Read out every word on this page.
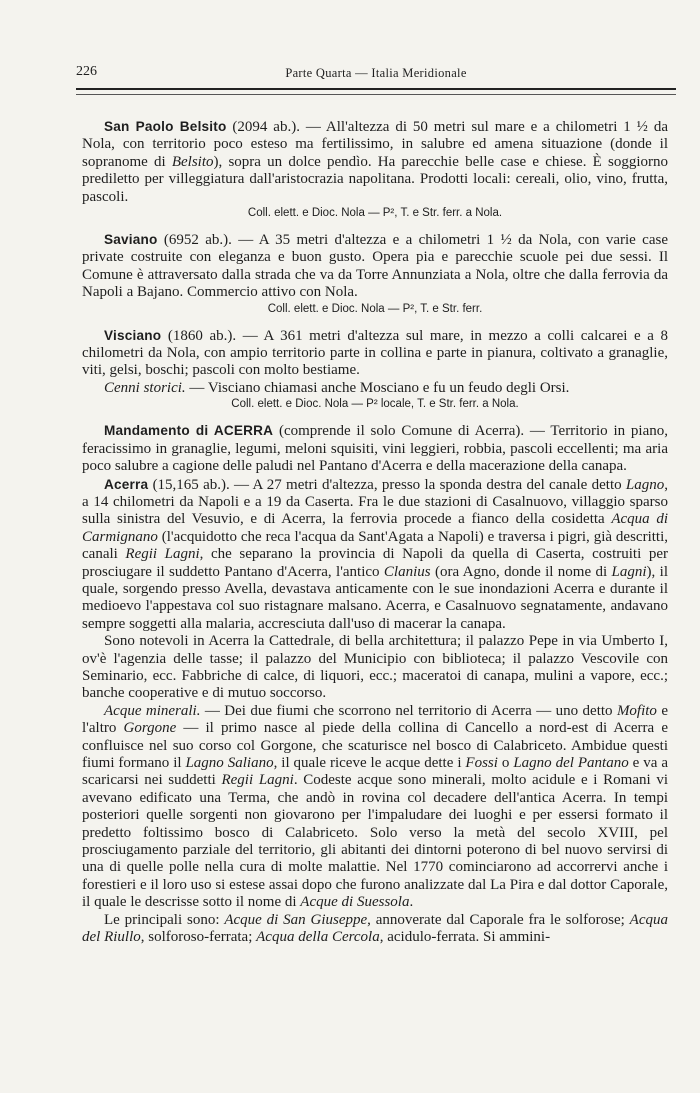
226	Parte Quarta — Italia Meridionale

San Paolo Belsito (2094 ab.). — All'altezza di 50 metri sul mare e a chilometri 1 ½ da Nola, con territorio poco esteso ma fertilissimo, in salubre ed amena situazione (donde il sopranome di Belsito), sopra un dolce pendìo. Ha parecchie belle case e chiese. È soggiorno prediletto per villeggiatura dall'aristocrazia napolitana. Prodotti locali: cereali, olio, vino, frutta, pascoli.

Coll. elett. e Dioc. Nola — P², T. e Str. ferr. a Nola.

Saviano (6952 ab.). — A 35 metri d'altezza e a chilometri 1 ½ da Nola, con varie case private costruite con eleganza e buon gusto. Opera pia e parecchie scuole pei due sessi. Il Comune è attraversato dalla strada che va da Torre Annunziata a Nola, oltre che dalla ferrovia da Napoli a Bajano. Commercio attivo con Nola.

Coll. elett. e Dioc. Nola — P², T. e Str. ferr.

Visciano (1860 ab.). — A 361 metri d'altezza sul mare, in mezzo a colli calcarei e a 8 chilometri da Nola, con ampio territorio parte in collina e parte in pianura, coltivato a granaglie, viti, gelsi, boschi; pascoli con molto bestiame.

Cenni storici. — Visciano chiamasi anche Mosciano e fu un feudo degli Orsi.

Coll. elett. e Dioc. Nola — P² locale, T. e Str. ferr. a Nola.

Mandamento di ACERRA (comprende il solo Comune di Acerra). — Territorio in piano, feracissimo in granaglie, legumi, meloni squisiti, vini leggieri, robbia, pascoli eccellenti; ma aria poco salubre a cagione delle paludi nel Pantano d'Acerra e della macerazione della canapa.

Acerra (15,165 ab.). — A 27 metri d'altezza, presso la sponda destra del canale detto Lagno, a 14 chilometri da Napoli e a 19 da Caserta. Fra le due stazioni di Casalnuovo, villaggio sparso sulla sinistra del Vesuvio, e di Acerra, la ferrovia procede a fianco della cosidetta Acqua di Carmignano (l'acquidotto che reca l'acqua da Sant'Agata a Napoli) e traversa i pigri, già descritti, canali Regii Lagni, che separano la provincia di Napoli da quella di Caserta, costruiti per prosciugare il suddetto Pantano d'Acerra, l'antico Clanius (ora Agno, donde il nome di Lagni), il quale, sorgendo presso Avella, devastava anticamente con le sue inondazioni Acerra e durante il medioevo l'appestava col suo ristagnare malsano. Acerra, e Casalnuovo segnatamente, andavano sempre soggetti alla malaria, accresciuta dall'uso di macerar la canapa.

Sono notevoli in Acerra la Cattedrale, di bella architettura; il palazzo Pepe in via Umberto I, ov'è l'agenzia delle tasse; il palazzo del Municipio con biblioteca; il palazzo Vescovile con Seminario, ecc. Fabbriche di calce, di liquori, ecc.; maceratoi di canapa, mulini a vapore, ecc.; banche cooperative e di mutuo soccorso.

Acque minerali. — Dei due fiumi che scorrono nel territorio di Acerra — uno detto Mofito e l'altro Gorgone — il primo nasce al piede della collina di Cancello a nord-est di Acerra e confluisce nel suo corso col Gorgone, che scaturisce nel bosco di Calabriceto. Ambidue questi fiumi formano il Lagno Saliano, il quale riceve le acque dette i Fossi o Lagno del Pantano e va a scaricarsi nei suddetti Regii Lagni. Codeste acque sono minerali, molto acidule e i Romani vi avevano edificato una Terma, che andò in rovina col decadere dell'antica Acerra. In tempi posteriori quelle sorgenti non giovarono per l'impaludare dei luoghi e per essersi formato il predetto foltissimo bosco di Calabriceto. Solo verso la metà del secolo XVIII, pel prosciugamento parziale del territorio, gli abitanti dei dintorni poterono di bel nuovo servirsi di una di quelle polle nella cura di molte malattie. Nel 1770 cominciarono ad accorrervi anche i forestieri e il loro uso si estese assai dopo che furono analizzate dal La Pira e dal dottor Caporale, il quale le descrisse sotto il nome di Acque di Suessola.

Le principali sono: Acque di San Giuseppe, annoverate dal Caporale fra le solforose; Acqua del Riullo, solforoso-ferrata; Acqua della Cercola, acidulo-ferrata. Si ammini-
